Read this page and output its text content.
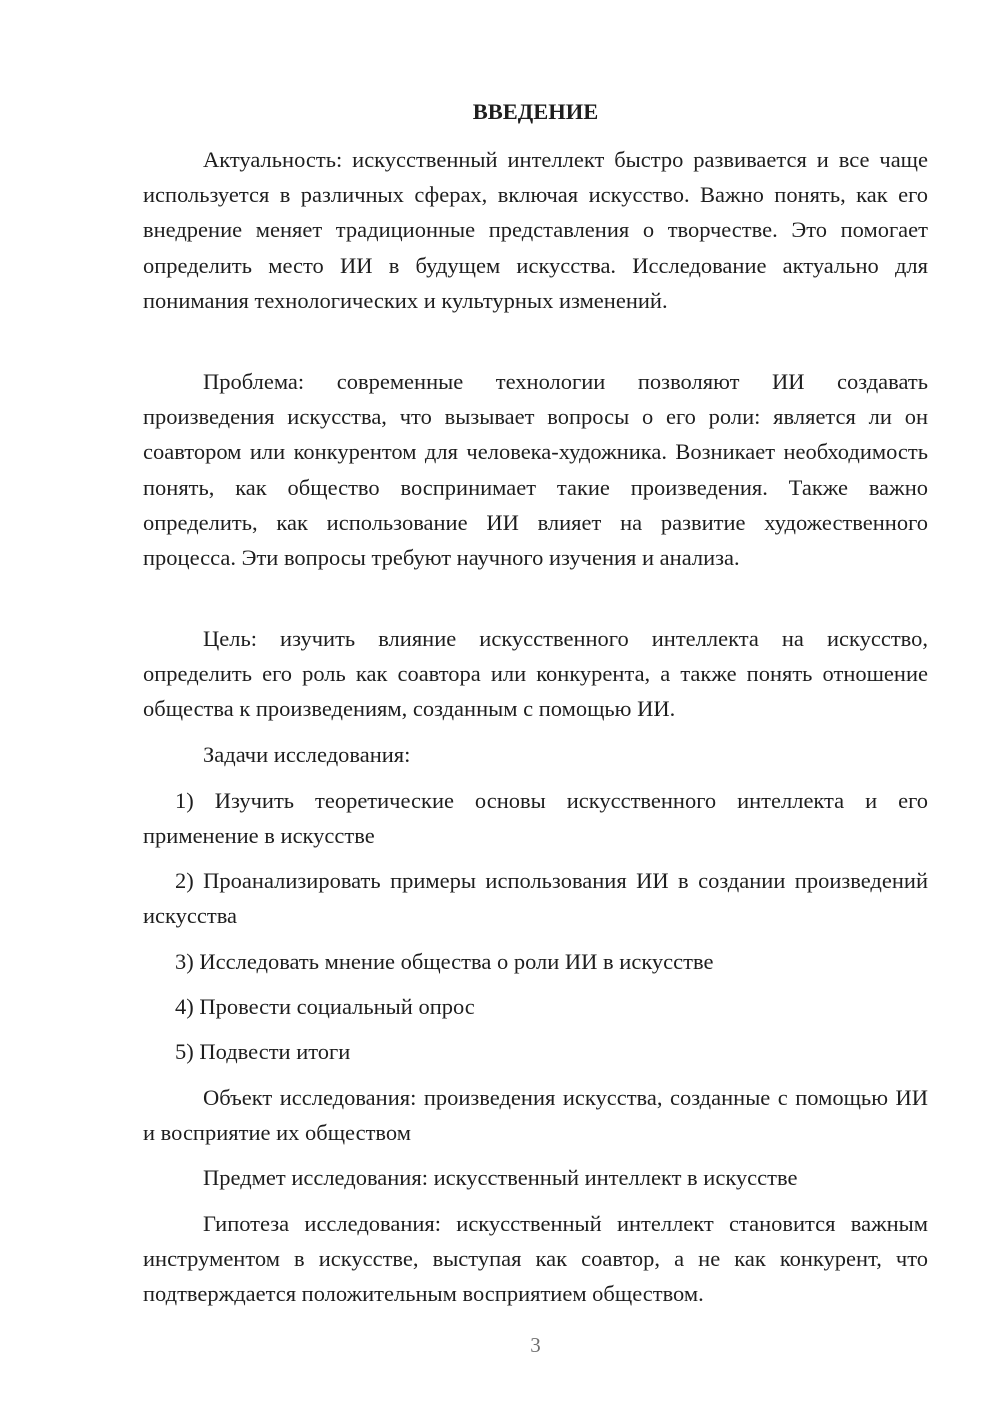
ВВЕДЕНИЕ

Актуальность: искусственный интеллект быстро развивается и все чаще используется в различных сферах, включая искусство. Важно понять, как его внедрение меняет традиционные представления о творчестве. Это помогает определить место ИИ в будущем искусства. Исследование актуально для понимания технологических и культурных изменений.

Проблема: современные технологии позволяют ИИ создавать произведения искусства, что вызывает вопросы о его роли: является ли он соавтором или конкурентом для человека-художника. Возникает необходимость понять, как общество воспринимает такие произведения. Также важно определить, как использование ИИ влияет на развитие художественного процесса. Эти вопросы требуют научного изучения и анализа.

Цель: изучить влияние искусственного интеллекта на искусство, определить его роль как соавтора или конкурента, а также понять отношение общества к произведениям, созданным с помощью ИИ.

Задачи исследования:

1) Изучить теоретические основы искусственного интеллекта и его применение в искусстве

2) Проанализировать примеры использования ИИ в создании произведений искусства

3) Исследовать мнение общества о роли ИИ в искусстве

4) Провести социальный опрос

5) Подвести итоги

Объект исследования: произведения искусства, созданные с помощью ИИ и восприятие их обществом

Предмет исследования: искусственный интеллект в искусстве

Гипотеза исследования: искусственный интеллект становится важным инструментом в искусстве, выступая как соавтор, а не как конкурент, что подтверждается положительным восприятием обществом.

3
